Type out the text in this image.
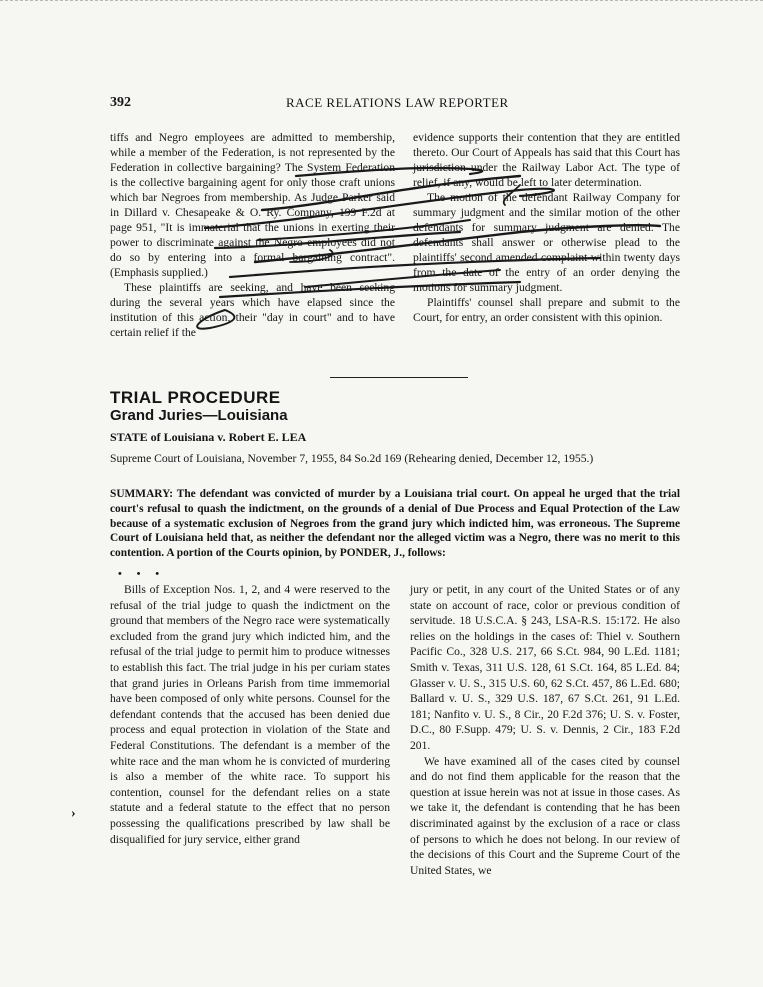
392	RACE RELATIONS LAW REPORTER

tiffs and Negro employees are admitted to membership, while a member of the Federation, is not represented by the Federation in collective bargaining? The System Federation is the collective bargaining agent for only those craft unions which bar Negroes from membership. As Judge Parker said in Dillard v. Chesapeake & O. Ry. Company, 199 F.2d at page 951, "It is immaterial that the unions in exerting their power to discriminate against the Negro employees did not do so by entering into a formal bargaining contract". (Emphasis supplied.)

These plaintiffs are seeking, and have been seeking during the several years which have elapsed since the institution of this action, their "day in court" and to have certain relief if the

evidence supports their contention that they are entitled thereto. Our Court of Appeals has said that this Court has jurisdiction under the Railway Labor Act. The type of relief, if any, would be left to later determination.

The motion of the defendant Railway Company for summary judgment and the similar motion of the other defendants for summary judgment are denied. The defendants shall answer or otherwise plead to the plaintiffs' second amended complaint within twenty days from the date of the entry of an order denying the motions for summary judgment.

Plaintiffs' counsel shall prepare and submit to the Court, for entry, an order consistent with this opinion.

TRIAL PROCEDURE
Grand Juries—Louisiana
STATE of Louisiana v. Robert E. LEA
Supreme Court of Louisiana, November 7, 1955, 84 So.2d 169 (Rehearing denied, December 12, 1955.)
SUMMARY: The defendant was convicted of murder by a Louisiana trial court. On appeal he urged that the trial court's refusal to quash the indictment, on the grounds of a denial of Due Process and Equal Protection of the Law because of a systematic exclusion of Negroes from the grand jury which indicted him, was erroneous. The Supreme Court of Louisiana held that, as neither the defendant nor the alleged victim was a Negro, there was no merit to this contention. A portion of the Courts opinion, by PONDER, J., follows:
• • •

Bills of Exception Nos. 1, 2, and 4 were reserved to the refusal of the trial judge to quash the indictment on the ground that members of the Negro race were systematically excluded from the grand jury which indicted him, and the refusal of the trial judge to permit him to produce witnesses to establish this fact. The trial judge in his per curiam states that grand juries in Orleans Parish from time immemorial have been composed of only white persons. Counsel for the defendant contends that the accused has been denied due process and equal protection in violation of the State and Federal Constitutions. The defendant is a member of the white race and the man whom he is convicted of murdering is also a member of the white race. To support his contention, counsel for the defendant relies on a state statute and a federal statute to the effect that no person possessing the qualifications prescribed by law shall be disqualified for jury service, either grand

jury or petit, in any court of the United States or of any state on account of race, color or previous condition of servitude. 18 U.S.C.A. § 243, LSA-R.S. 15:172. He also relies on the holdings in the cases of: Thiel v. Southern Pacific Co., 328 U.S. 217, 66 S.Ct. 984, 90 L.Ed. 1181; Smith v. Texas, 311 U.S. 128, 61 S.Ct. 164, 85 L.Ed. 84; Glasser v. U. S., 315 U.S. 60, 62 S.Ct. 457, 86 L.Ed. 680; Ballard v. U. S., 329 U.S. 187, 67 S.Ct. 261, 91 L.Ed. 181; Nanfito v. U. S., 8 Cir., 20 F.2d 376; U. S. v. Foster, D.C., 80 F.Supp. 479; U. S. v. Dennis, 2 Cir., 183 F.2d 201.

We have examined all of the cases cited by counsel and do not find them applicable for the reason that the question at issue herein was not at issue in those cases. As we take it, the defendant is contending that he has been discriminated against by the exclusion of a race or class of persons to which he does not belong. In our review of the decisions of this Court and the Supreme Court of the United States, we

›
